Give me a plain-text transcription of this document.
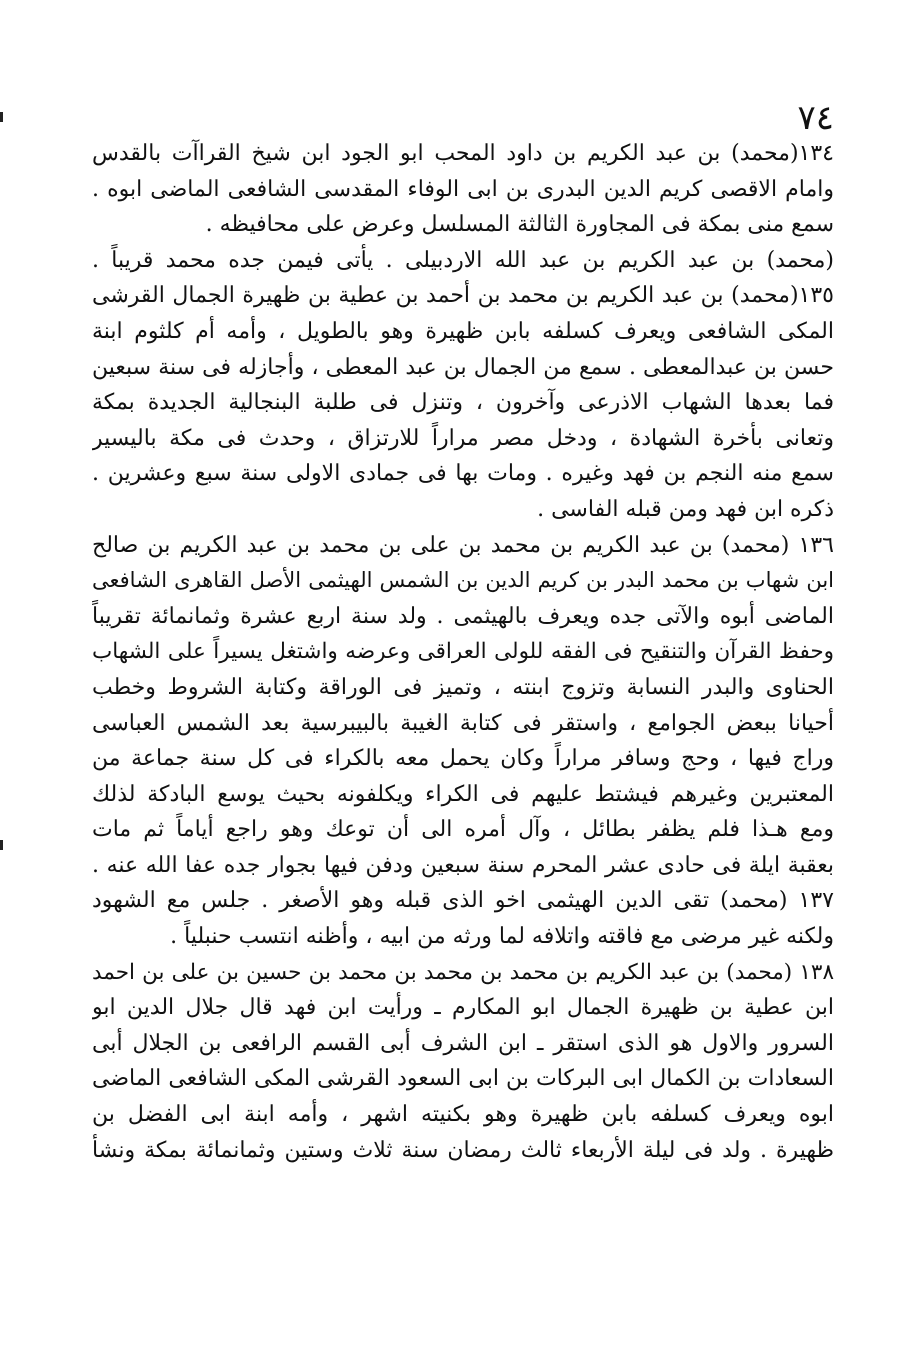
٧٤
١٣٤(محمد) بن عبد الكريم بن داود المحب ابو الجود ابن شيخ القراآت بالقدس
وامام الاقصى كريم الدين البدرى بن ابى الوفاء المقدسى الشافعى الماضى ابوه .
سمع منى بمكة فى المجاورة الثالثة المسلسل وعرض على محافيظه .
(محمد) بن عبد الكريم بن عبد الله الاردبيلى . يأتى فيمن جده محمد قريباً .
١٣٥(محمد) بن عبد الكريم بن محمد بن أحمد بن عطية بن ظهيرة الجمال القرشى
المكى الشافعى ويعرف كسلفه بابن ظهيرة وهو بالطويل ، وأمه أم كلثوم ابنة
حسن بن عبدالمعطى . سمع من الجمال بن عبد المعطى ، وأجازله فى سنة سبعين
فما بعدها الشهاب الاذرعى وآخرون ، وتنزل فى طلبة البنجالية الجديدة بمكة
وتعانى بأخرة الشهادة ، ودخل مصر مراراً للارتزاق ، وحدث فى مكة باليسير
سمع منه النجم بن فهد وغيره . ومات بها فى جمادى الاولى سنة سبع وعشرين .
ذكره ابن فهد ومن قبله الفاسى .
١٣٦ (محمد) بن عبد الكريم بن محمد بن على بن محمد بن عبد الكريم بن صالح
ابن شهاب بن محمد البدر بن كريم الدين بن الشمس الهيثمى الأصل القاهرى الشافعى
الماضى أبوه والآتى جده ويعرف بالهيثمى . ولد سنة اربع عشرة وثمانمائة تقريباً
وحفظ القرآن والتنقيح فى الفقه للولى العراقى وعرضه واشتغل يسيراً على الشهاب
الحناوى والبدر النسابة وتزوج ابنته ، وتميز فى الوراقة وكتابة الشروط وخطب
أحيانا ببعض الجوامع ، واستقر فى كتابة الغيبة بالبيبرسية بعد الشمس العباسى
وراج فيها ، وحج وسافر مراراً وكان يحمل معه بالكراء فى كل سنة جماعة من
المعتبرين وغيرهم فيشتط عليهم فى الكراء ويكلفونه بحيث يوسع البادكة لذلك
ومع هـذا فلم يظفر بطائل ، وآل أمره الى أن توعك وهو راجع أياماً ثم مات
بعقبة ايلة فى حادى عشر المحرم سنة سبعين ودفن فيها بجوار جده عفا الله عنه .
١٣٧ (محمد) تقى الدين الهيثمى اخو الذى قبله وهو الأصغر . جلس مع الشهود
ولكنه غير مرضى مع فاقته واتلافه لما ورثه من ابيه ، وأظنه انتسب حنبلياً .
١٣٨ (محمد) بن عبد الكريم بن محمد بن محمد بن محمد بن حسين بن على بن احمد
ابن عطية بن ظهيرة الجمال ابو المكارم ـ ورأيت ابن فهد قال جلال الدين ابو
السرور والاول هو الذى استقر ـ ابن الشرف أبى القسم الرافعى بن الجلال أبى
السعادات بن الكمال ابى البركات بن ابى السعود القرشى المكى الشافعى الماضى
ابوه ويعرف كسلفه بابن ظهيرة وهو بكنيته اشهر ، وأمه ابنة ابى الفضل بن
ظهيرة . ولد فى ليلة الأربعاء ثالث رمضان سنة ثلاث وستين وثمانمائة بمكة ونشأ
